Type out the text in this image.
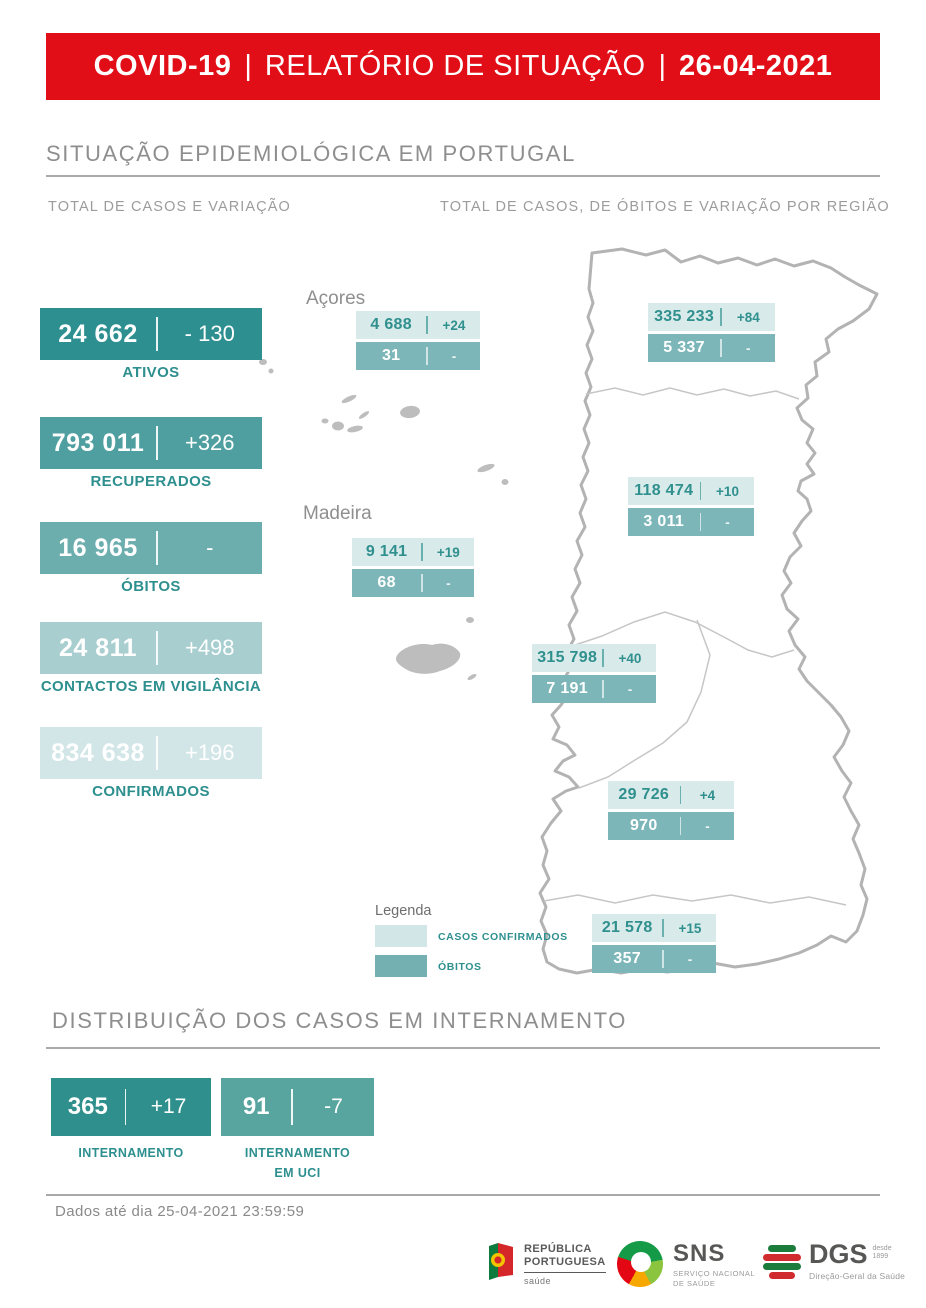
COVID-19 | RELATÓRIO DE SITUAÇÃO | 26-04-2021
SITUAÇÃO EPIDEMIOLÓGICA EM PORTUGAL
TOTAL DE CASOS E VARIAÇÃO	TOTAL DE CASOS, DE ÓBITOS E VARIAÇÃO POR REGIÃO
24 662	- 130
ATIVOS
793 011	+326
RECUPERADOS
16 965	-
ÓBITOS
24 811	+498
CONTACTOS EM VIGILÂNCIA
834 638	+196
CONFIRMADOS
Açores
Madeira
335 233	+84
5 337	-
118 474	+10
3 011	-
315 798	+40
7 191	-
29 726	+4
970	-
21 578	+15
357	-
4 688	+24
31	-
9 141	+19
68	-
Legenda
CASOS CONFIRMADOS
ÓBITOS
DISTRIBUIÇÃO DOS CASOS EM INTERNAMENTO
365	+17
INTERNAMENTO
91	-7
INTERNAMENTO
EM UCI
Dados até dia 25-04-2021 23:59:59
REPÚBLICA
PORTUGUESA
saúde
SNS
SERVIÇO NACIONAL
DE SAÚDE
DGS desde 1899
Direção-Geral da Saúde
